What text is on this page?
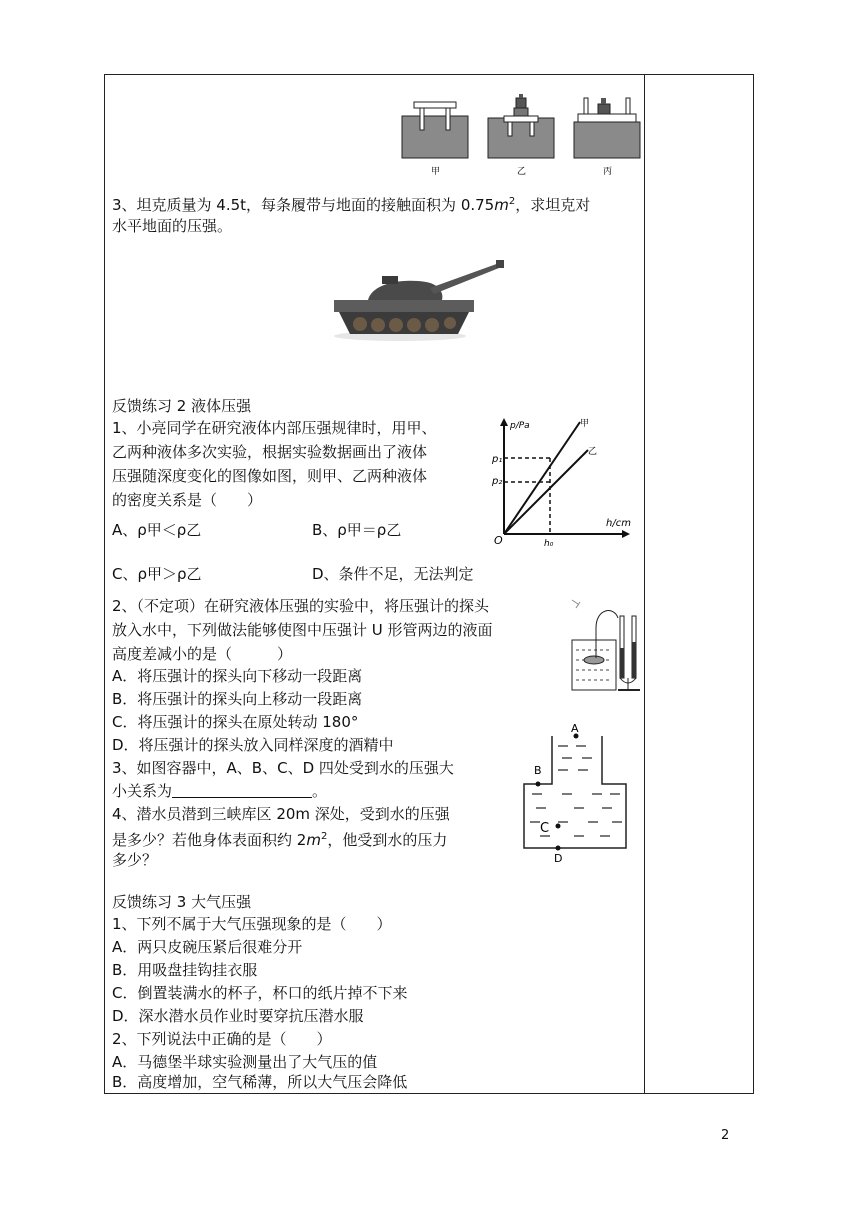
甲	乙	丙
3、坦克质量为 4.5t，每条履带与地面的接触面积为 $0.75m^2$，求坦克对
水平地面的压强。
反馈练习 2 液体压强
1、小亮同学在研究液体内部压强规律时，用甲、
乙两种液体多次实验，根据实验数据画出了液体
压强随深度变化的图像如图，则甲、乙两种液体
的密度关系是（　　）
A、ρ甲＜ρ乙	B、ρ甲＝ρ乙
C、ρ甲＞ρ乙	D、条件不足，无法判定
p/Pa
h/cm
p₁
p₂
O	h₀
甲
乙
2、（不定项）在研究液体压强的实验中，将压强计的探头
放入水中，下列做法能够使图中压强计 U 形管两边的液面
高度差减小的是（　　　）
A．将压强计的探头向下移动一段距离
B．将压强计的探头向上移动一段距离
C．将压强计的探头在原处转动 180°
D．将压强计的探头放入同样深度的酒精中
3、如图容器中，A、B、C、D 四处受到水的压强大
小关系为	。
4、潜水员潜到三峡库区 20m 深处，受到水的压强
是多少？若他身体表面积约 $2m^2$，他受到水的压力
多少？
A
B
C
D
反馈练习 3 大气压强
1、下列不属于大气压强现象的是（　　）
A．两只皮碗压紧后很难分开
B．用吸盘挂钩挂衣服
C．倒置装满水的杯子，杯口的纸片掉不下来
D．深水潜水员作业时要穿抗压潜水服
2、下列说法中正确的是（　　）
A．马德堡半球实验测量出了大气压的值
B．高度增加，空气稀薄，所以大气压会降低
2
